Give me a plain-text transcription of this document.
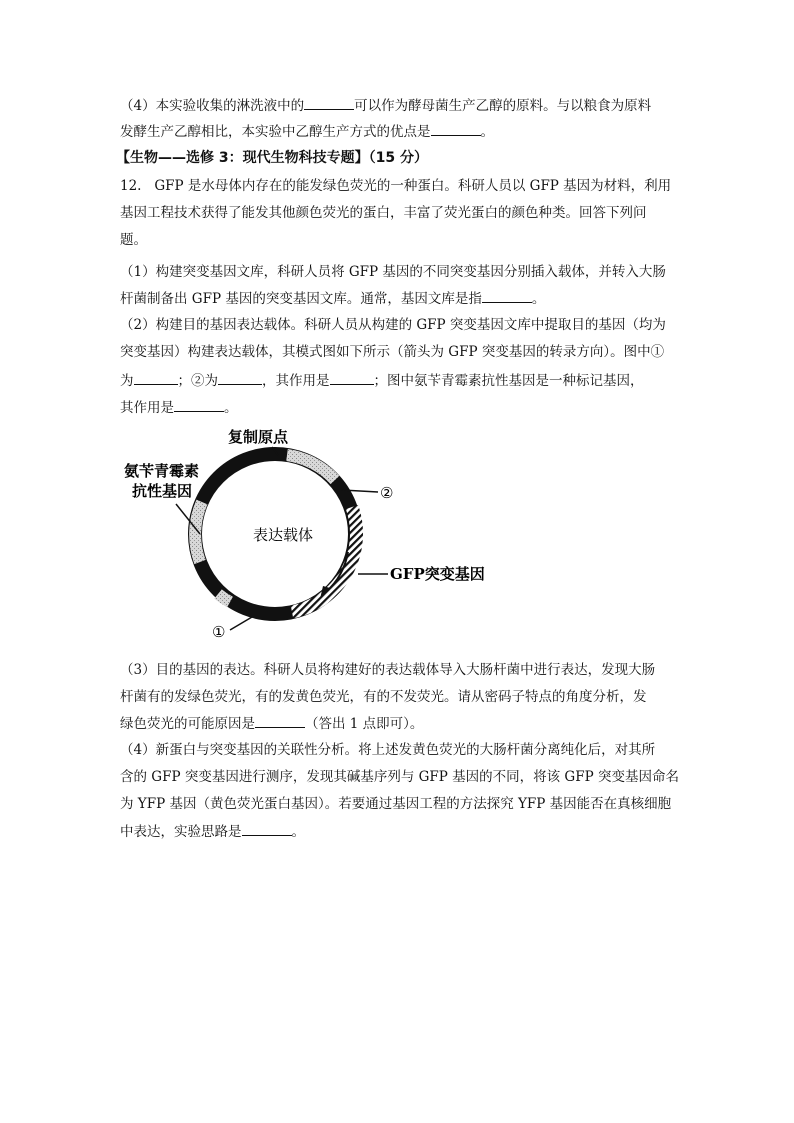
（4）本实验收集的淋洗液中的	可以作为酵母菌生产乙醇的原料。与以粮食为原料
发酵生产乙醇相比，本实验中乙醇生产方式的优点是	。
【生物——选修 3：现代生物科技专题】（15 分）
12.   GFP 是水母体内存在的能发绿色荧光的一种蛋白。科研人员以 GFP 基因为材料，利用
基因工程技术获得了能发其他颜色荧光的蛋白，丰富了荧光蛋白的颜色种类。回答下列问
题。
（1）构建突变基因文库，科研人员将 GFP 基因的不同突变基因分别插入载体，并转入大肠
杆菌制备出 GFP 基因的突变基因文库。通常，基因文库是指	。
（2）构建目的基因表达载体。科研人员从构建的 GFP 突变基因文库中提取目的基因（均为
突变基因）构建表达载体，其模式图如下所示（箭头为 GFP 突变基因的转录方向）。图中①
为	；②为	，其作用是	；图中氨苄青霉素抗性基因是一种标记基因，
其作用是	。
表达载体
复制原点
氨苄青霉素
抗性基因	②
GFP突变基因
①
（3）目的基因的表达。科研人员将构建好的表达载体导入大肠杆菌中进行表达，发现大肠
杆菌有的发绿色荧光，有的发黄色荧光，有的不发荧光。请从密码子特点的角度分析，发
绿色荧光的可能原因是	（答出 1 点即可）。
（4）新蛋白与突变基因的关联性分析。将上述发黄色荧光的大肠杆菌分离纯化后，对其所
含的 GFP 突变基因进行测序，发现其碱基序列与 GFP 基因的不同，将该 GFP 突变基因命名
为 YFP 基因（黄色荧光蛋白基因）。若要通过基因工程的方法探究 YFP 基因能否在真核细胞
中表达，实验思路是	。
